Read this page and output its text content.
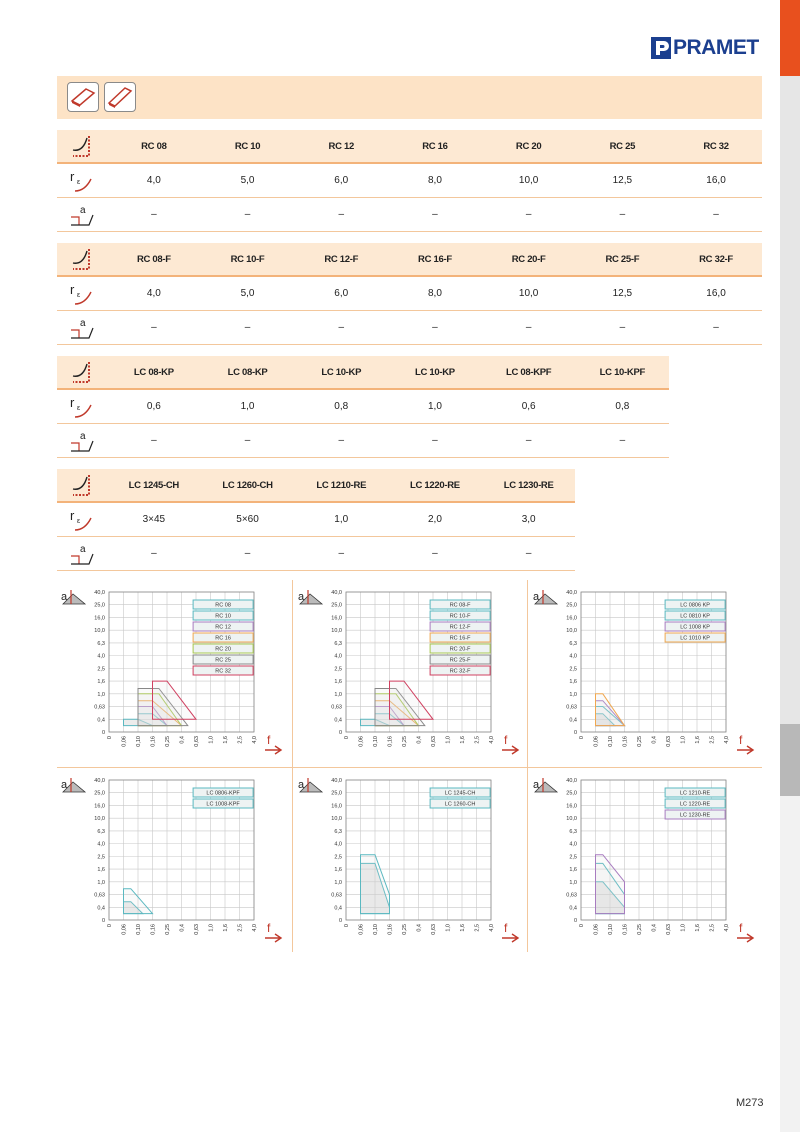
PRAMET
RC 08	RC 10	RC 12	RC 16	RC 20	RC 25	RC 32
r ε	4,0	5,0	6,0	8,0	10,0	12,5	16,0
a	–	–	–	–	–	–	–
RC 08-F	RC 10-F	RC 12-F	RC 16-F	RC 20-F	RC 25-F	RC 32-F
r ε	4,0	5,0	6,0	8,0	10,0	12,5	16,0
a	–	–	–	–	–	–	–
LC 08-KP	LC 08-KP	LC 10-KP	LC 10-KP	LC 08-KPF	LC 10-KPF
r ε	0,6	1,0	0,8	1,0	0,6	0,8
a	–	–	–	–	–	–
LC 1245-CH	LC 1260-CH	LC 1210-RE	LC 1220-RE	LC 1230-RE
r ε	3×45	5×60	1,0	2,0	3,0
a	–	–	–	–	–
a	40,0
25,0
16,0
10,0
6,3
4,0
2,5
1,6
1,0
0,63
0,4
0
0 0,06 0,10 0,16 0,25 0,4 0,63 1,0 1,6 2,5 4,0
RC 08
RC 10
RC 12
RC 16
RC 20
RC 25
RC 32
f
a	40,0
25,0
16,0
10,0
6,3
4,0
2,5
1,6
1,0
0,63
0,4
0
0 0,06 0,10 0,16 0,25 0,4 0,63 1,0 1,6 2,5 4,0
RC 08-F
RC 10-F
RC 12-F
RC 16-F
RC 20-F
RC 25-F
RC 32-F
f
a	40,0
25,0
16,0
10,0
6,3
4,0
2,5
1,6
1,0
0,63
0,4
0
0 0,06 0,10 0,16 0,25 0,4 0,63 1,0 1,6 2,5 4,0
LC 0806 KP
LC 0810 KP
LC 1008 KP
LC 1010 KP
f
a	40,0
25,0
16,0
10,0
6,3
4,0
2,5
1,6
1,0
0,63
0,4
0
0 0,06 0,10 0,16 0,25 0,4 0,63 1,0 1,6 2,5 4,0
LC 0806-KPF
LC 1008-KPF
f
a	40,0
25,0
16,0
10,0
6,3
4,0
2,5
1,6
1,0
0,63
0,4
0
0 0,06 0,10 0,16 0,25 0,4 0,63 1,0 1,6 2,5 4,0
LC 1245-CH
LC 1260-CH
f
a	40,0
25,0
16,0
10,0
6,3
4,0
2,5
1,6
1,0
0,63
0,4
0
0 0,06 0,10 0,16 0,25 0,4 0,63 1,0 1,6 2,5 4,0
LC 1210-RE
LC 1220-RE
LC 1230-RE
f
M273
